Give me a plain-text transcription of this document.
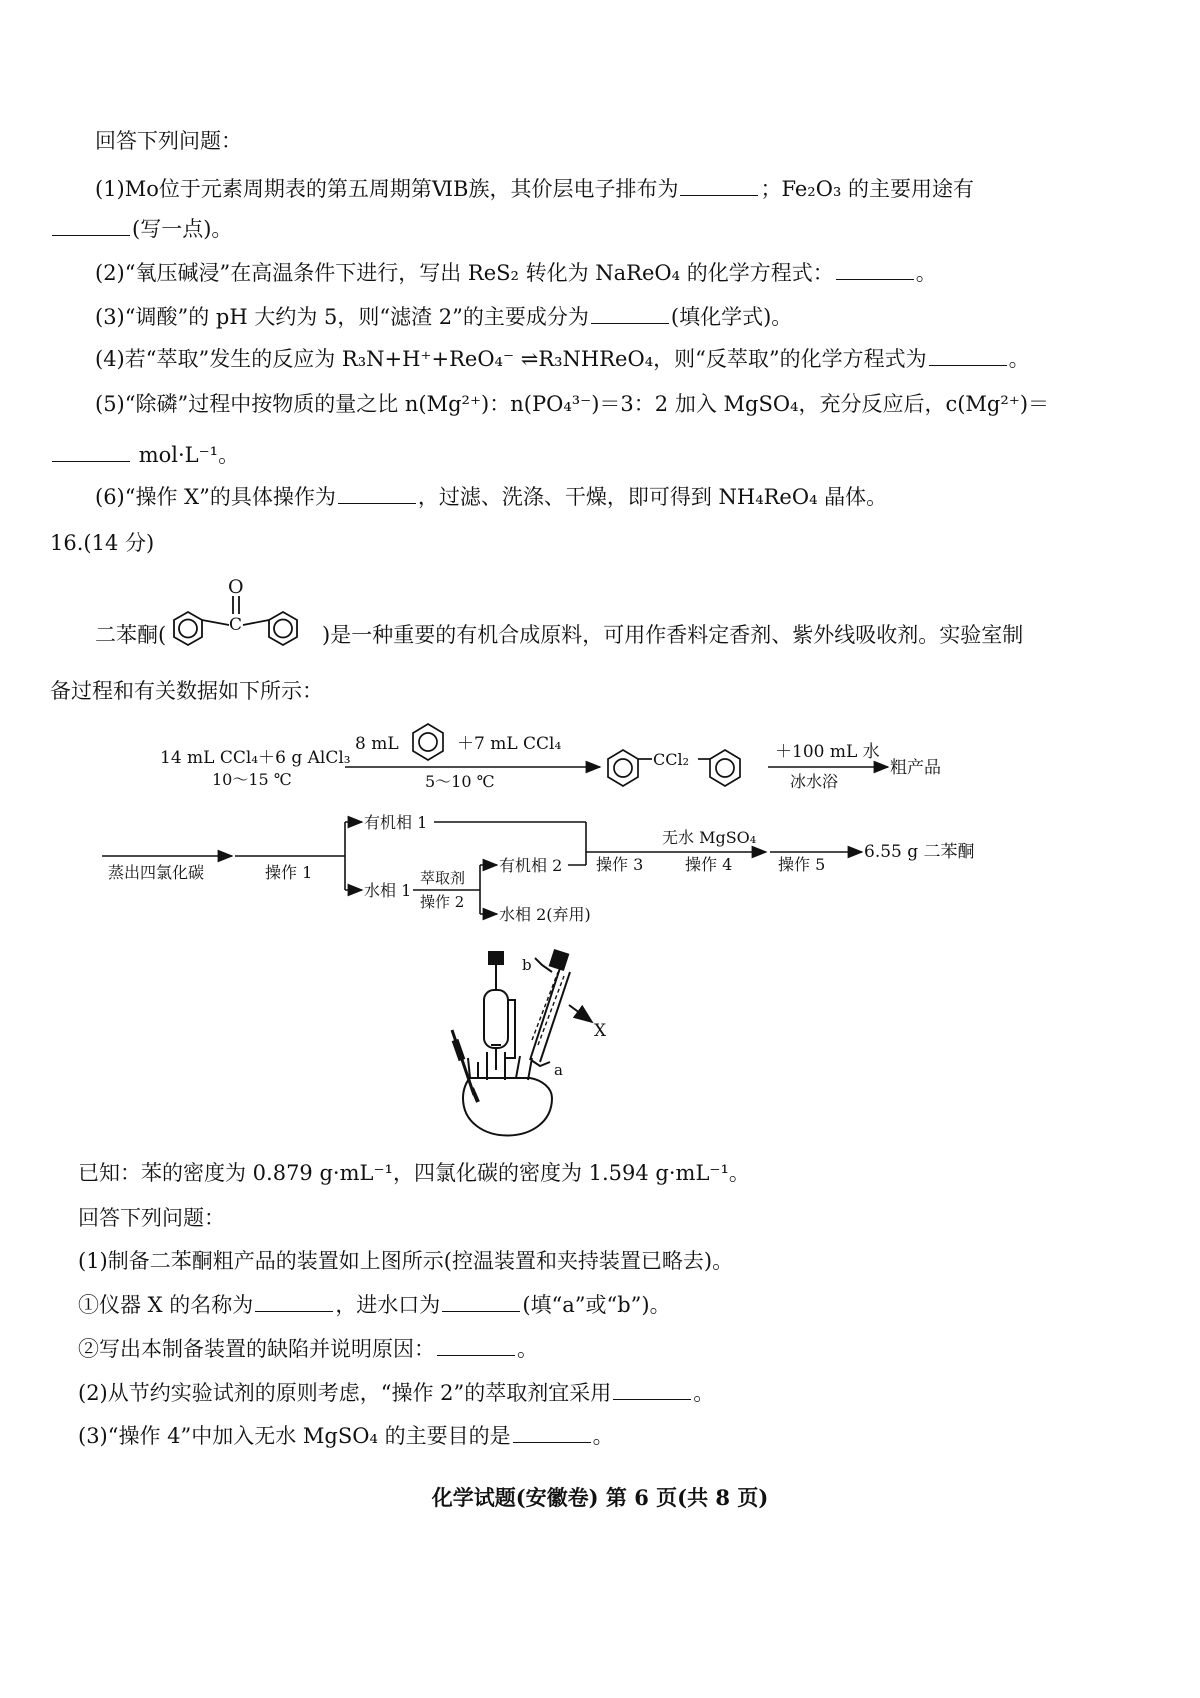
回答下列问题：
(1)Mo位于元素周期表的第五周期第ⅥB族，其价层电子排布为	；Fe₂O₃ 的主要用途有
(写一点)。
(2)“氧压碱浸”在高温条件下进行，写出 ReS₂ 转化为 NaReO₄ 的化学方程式：	。
(3)“调酸”的 pH 大约为 5，则“滤渣 2”的主要成分为	(填化学式)。
(4)若“萃取”发生的反应为 R₃N+H⁺+ReO₄⁻ ⇌R₃NHReO₄，则“反萃取”的化学方程式为	。
(5)“除磷”过程中按物质的量之比 n(Mg²⁺)：n(PO₄³⁻)＝3：2 加入 MgSO₄，充分反应后，c(Mg²⁺)＝
mol·L⁻¹。
(6)“操作 X”的具体操作为	，过滤、洗涤、干燥，即可得到 NH₄ReO₄ 晶体。
16.(14 分)
二苯酮(	)是一种重要的有机合成原料，可用作香料定香剂、紫外线吸收剂。实验室制
备过程和有关数据如下所示：
O
C
14 mL CCl₄＋6 g AlCl₃
10～15 ℃
8 mL	＋7 mL CCl₄
5～10 ℃
CCl₂	＋100 mL 水
冰水浴
粗产品
蒸出四氯化碳	操作 1
有机相 1
水相 1
萃取剂
操作 2
有机相 2
水相 2(弃用)
操作 3
无水 MgSO₄
操作 4	操作 5
6.55 g 二苯酮
b
X
a
已知：苯的密度为 0.879 g·mL⁻¹，四氯化碳的密度为 1.594 g·mL⁻¹。
回答下列问题：
(1)制备二苯酮粗产品的装置如上图所示(控温装置和夹持装置已略去)。
①仪器 X 的名称为	，进水口为	(填“a”或“b”)。
②写出本制备装置的缺陷并说明原因：	。
(2)从节约实验试剂的原则考虑，“操作 2”的萃取剂宜采用	。
(3)“操作 4”中加入无水 MgSO₄ 的主要目的是	。
化学试题(安徽卷) 第 6 页(共 8 页)
